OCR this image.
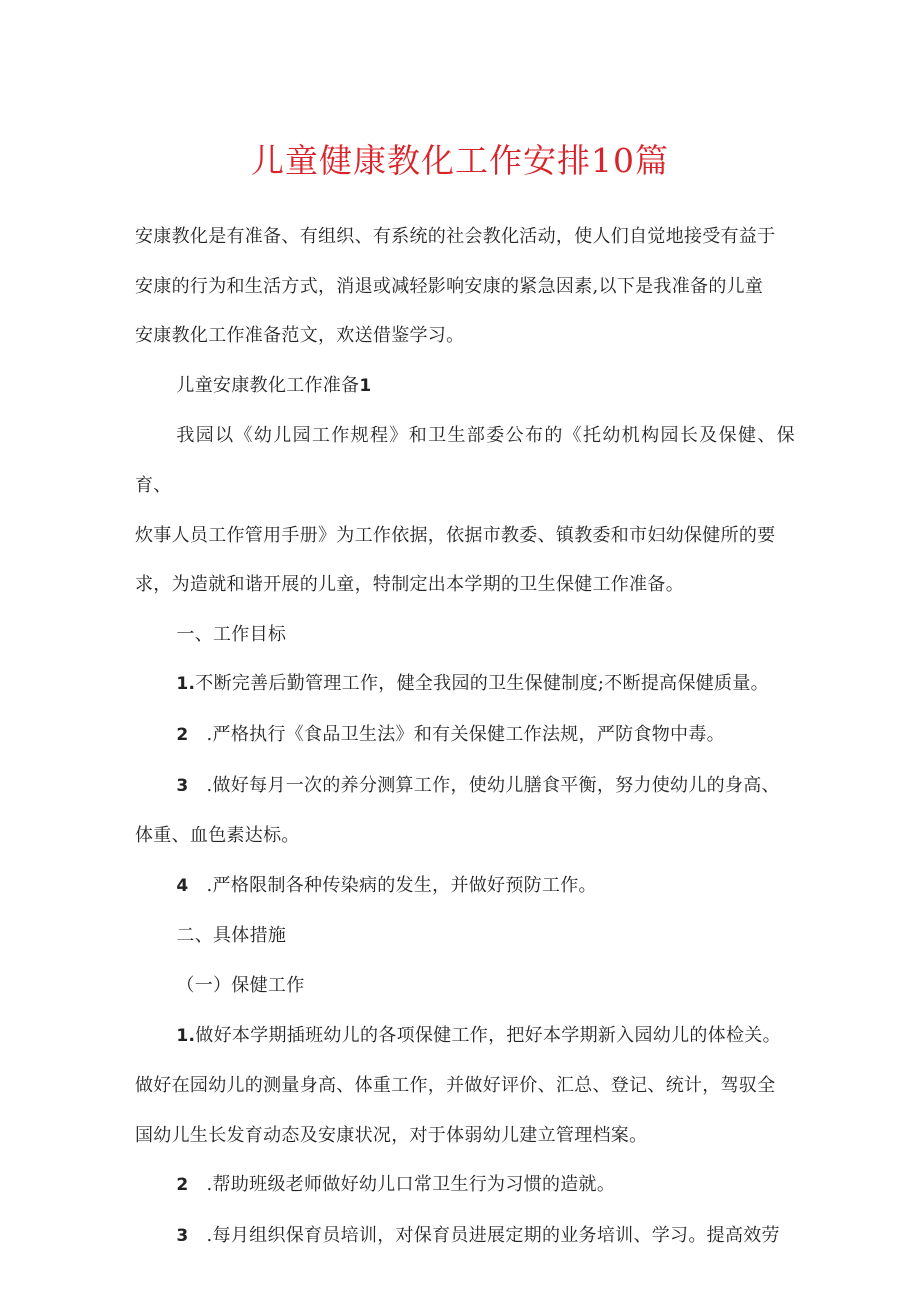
儿童健康教化工作安排10篇

安康教化是有准备、有组织、有系统的社会教化活动，使人们自觉地接受有益于

安康的行为和生活方式，消退或减轻影响安康的紧急因素,以下是我准备的儿童

安康教化工作准备范文，欢送借鉴学习。

儿童安康教化工作准备1

我园以《幼儿园工作规程》和卫生部委公布的《托幼机构园长及保健、保育、

炊事人员工作管用手册》为工作依据，依据市教委、镇教委和市妇幼保健所的要

求，为造就和谐开展的儿童，特制定出本学期的卫生保健工作准备。

一、工作目标

1.不断完善后勤管理工作，健全我园的卫生保健制度;不断提高保健质量。

2 .严格执行《食品卫生法》和有关保健工作法规，严防食物中毒。

3 .做好每月一次的养分测算工作，使幼儿膳食平衡，努力使幼儿的身高、

体重、血色素达标。

4 .严格限制各种传染病的发生，并做好预防工作。

二、具体措施

（一）保健工作

1.做好本学期插班幼儿的各项保健工作，把好本学期新入园幼儿的体检关。

做好在园幼儿的测量身高、体重工作，并做好评价、汇总、登记、统计，驾驭全

国幼儿生长发育动态及安康状况，对于体弱幼儿建立管理档案。

2 .帮助班级老师做好幼儿口常卫生行为习惯的造就。

3 .每月组织保育员培训，对保育员进展定期的业务培训、学习。提高效劳
